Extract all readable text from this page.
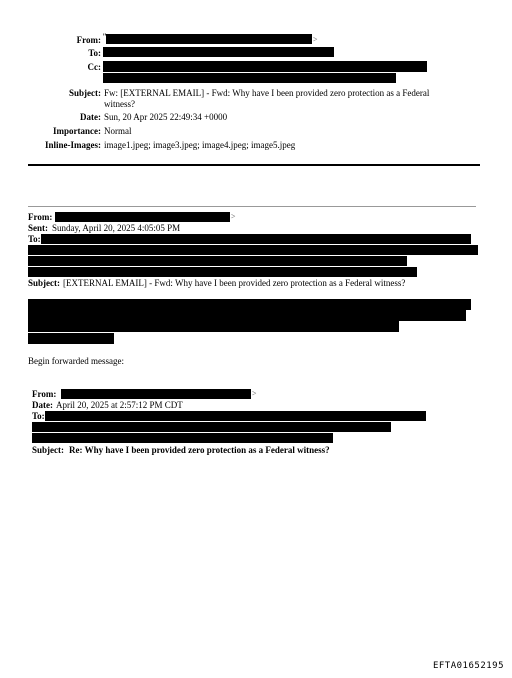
From: "	>
To:
Cc:
Subject: Fw: [EXTERNAL EMAIL] - Fwd: Why have I been provided zero protection as a Federal
witness?
Date: Sun, 20 Apr 2025 22:49:34 +0000
Importance: Normal
Inline-Images: image1.jpeg; image3.jpeg; image4.jpeg; image5.jpeg
From:	>
Sent: Sunday, April 20, 2025 4:05:05 PM
To:
Subject: [EXTERNAL EMAIL] - Fwd: Why have I been provided zero protection as a Federal witness?
Begin forwarded message:
From:	>
Date: April 20, 2025 at 2:57:12 PM CDT
To:
Subject: Re: Why have I been provided zero protection as a Federal witness?
EFTA01652195
